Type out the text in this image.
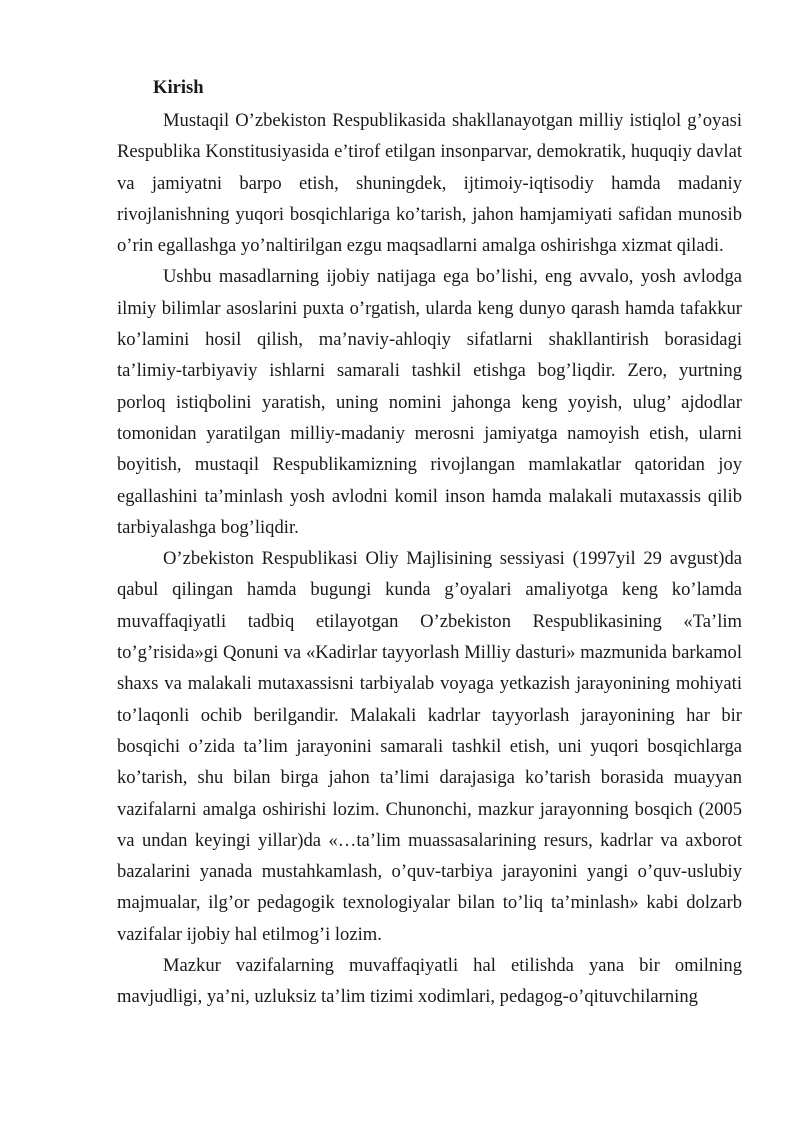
Kirish

Mustaqil O’zbekiston Respublikasida shakllanayotgan milliy istiqlol g’oyasi Respublika Konstitusiyasida e’tirof etilgan insonparvar, demokratik, huquqiy davlat va jamiyatni barpo etish, shuningdek, ijtimoiy-iqtisodiy hamda madaniy rivojlanishning yuqori bosqichlariga ko’tarish, jahon hamjamiyati safidan munosib o’rin egallashga yo’naltirilgan ezgu maqsadlarni amalga oshirishga xizmat qiladi.

Ushbu masadlarning ijobiy natijaga ega bo’lishi, eng avvalo, yosh avlodga ilmiy bilimlar asoslarini puxta o’rgatish, ularda keng dunyo qarash hamda tafakkur ko’lamini hosil qilish, ma’naviy-ahloqiy sifatlarni shakllantirish borasidagi ta’limiy-tarbiyaviy ishlarni samarali tashkil etishga bog’liqdir. Zero, yurtning porloq istiqbolini yaratish, uning nomini jahonga keng yoyish, ulug’ ajdodlar tomonidan yaratilgan milliy-madaniy merosni jamiyatga namoyish etish, ularni boyitish, mustaqil Respublikamizning rivojlangan mamlakatlar qatoridan joy egallashini ta’minlash yosh avlodni komil inson hamda malakali mutaxassis qilib tarbiyalashga bog’liqdir.

O’zbekiston Respublikasi Oliy Majlisining sessiyasi (1997yil 29 avgust)da qabul qilingan hamda bugungi kunda g’oyalari amaliyotga keng ko’lamda muvaffaqiyatli tadbiq etilayotgan O’zbekiston Respublikasining «Ta’lim to’g’risida»gi Qonuni va «Kadirlar tayyorlash Milliy dasturi» mazmunida barkamol shaxs va malakali mutaxassisni tarbiyalab voyaga yetkazish jarayonining mohiyati to’laqonli ochib berilgandir. Malakali kadrlar tayyorlash jarayonining har bir bosqichi o’zida ta’lim jarayonini samarali tashkil etish, uni yuqori bosqichlarga ko’tarish, shu bilan birga jahon ta’limi darajasiga ko’tarish borasida muayyan vazifalarni amalga oshirishi lozim. Chunonchi, mazkur jarayonning bosqich (2005 va undan keyingi yillar)da «…ta’lim muassasalarining resurs, kadrlar va axborot bazalarini yanada mustahkamlash, o’quv-tarbiya jarayonini yangi o’quv-uslubiy majmualar, ilg’or pedagogik texnologiyalar bilan to’liq ta’minlash» kabi dolzarb vazifalar ijobiy hal etilmog’i lozim.

Mazkur vazifalarning muvaffaqiyatli hal etilishda yana bir omilning mavjudligi, ya’ni, uzluksiz ta’lim tizimi xodimlari, pedagog-o’qituvchilarning
